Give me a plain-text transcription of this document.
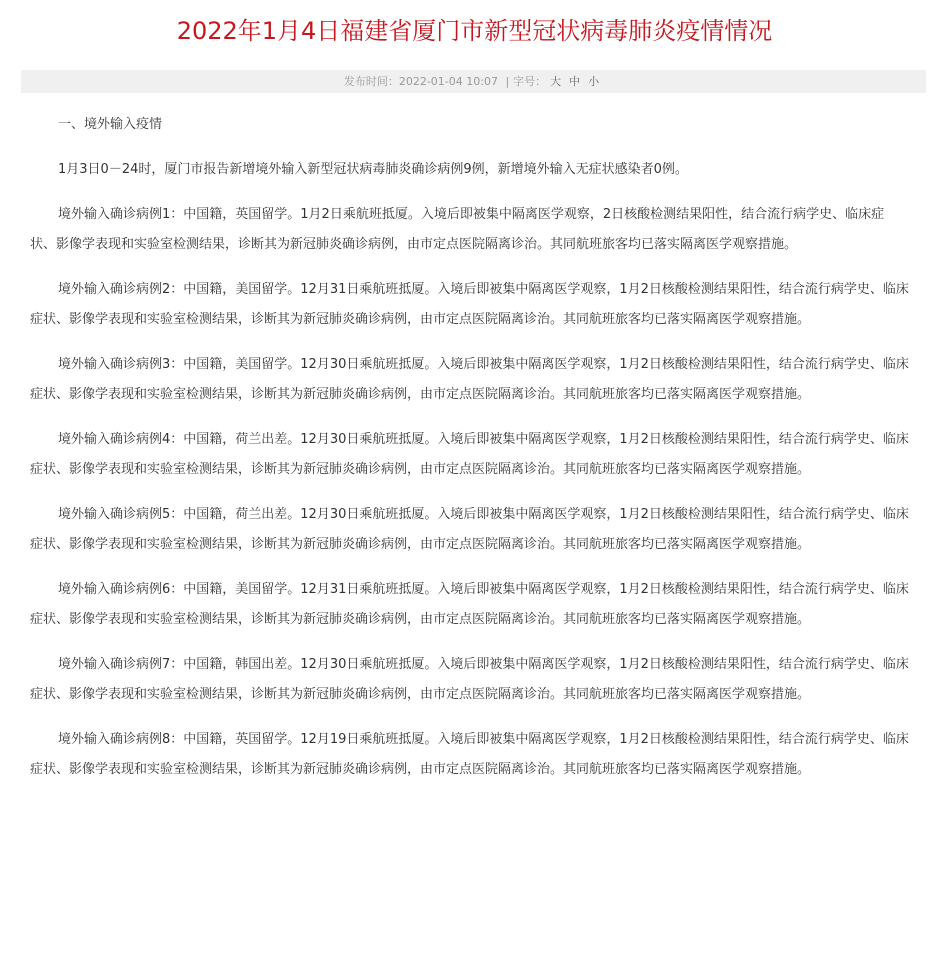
2022年1月4日福建省厦门市新型冠状病毒肺炎疫情情况
发布时间：2022-01-04 10:07 | 字号： 大 中 小

一、境外输入疫情

1月3日0－24时，厦门市报告新增境外输入新型冠状病毒肺炎确诊病例9例，新增境外输入无症状感染者0例。

境外输入确诊病例1：中国籍，英国留学。1月2日乘航班抵厦。入境后即被集中隔离医学观察，2日核酸检测结果阳性，结合流行病学史、临床症状、影像学表现和实验室检测结果，诊断其为新冠肺炎确诊病例，由市定点医院隔离诊治。其同航班旅客均已落实隔离医学观察措施。

境外输入确诊病例2：中国籍，美国留学。12月31日乘航班抵厦。入境后即被集中隔离医学观察，1月2日核酸检测结果阳性，结合流行病学史、临床症状、影像学表现和实验室检测结果，诊断其为新冠肺炎确诊病例，由市定点医院隔离诊治。其同航班旅客均已落实隔离医学观察措施。

境外输入确诊病例3：中国籍，美国留学。12月30日乘航班抵厦。入境后即被集中隔离医学观察，1月2日核酸检测结果阳性，结合流行病学史、临床症状、影像学表现和实验室检测结果，诊断其为新冠肺炎确诊病例，由市定点医院隔离诊治。其同航班旅客均已落实隔离医学观察措施。

境外输入确诊病例4：中国籍，荷兰出差。12月30日乘航班抵厦。入境后即被集中隔离医学观察，1月2日核酸检测结果阳性，结合流行病学史、临床症状、影像学表现和实验室检测结果，诊断其为新冠肺炎确诊病例，由市定点医院隔离诊治。其同航班旅客均已落实隔离医学观察措施。

境外输入确诊病例5：中国籍，荷兰出差。12月30日乘航班抵厦。入境后即被集中隔离医学观察，1月2日核酸检测结果阳性，结合流行病学史、临床症状、影像学表现和实验室检测结果，诊断其为新冠肺炎确诊病例，由市定点医院隔离诊治。其同航班旅客均已落实隔离医学观察措施。

境外输入确诊病例6：中国籍，美国留学。12月31日乘航班抵厦。入境后即被集中隔离医学观察，1月2日核酸检测结果阳性，结合流行病学史、临床症状、影像学表现和实验室检测结果，诊断其为新冠肺炎确诊病例，由市定点医院隔离诊治。其同航班旅客均已落实隔离医学观察措施。

境外输入确诊病例7：中国籍，韩国出差。12月30日乘航班抵厦。入境后即被集中隔离医学观察，1月2日核酸检测结果阳性，结合流行病学史、临床症状、影像学表现和实验室检测结果，诊断其为新冠肺炎确诊病例，由市定点医院隔离诊治。其同航班旅客均已落实隔离医学观察措施。

境外输入确诊病例8：中国籍，英国留学。12月19日乘航班抵厦。入境后即被集中隔离医学观察，1月2日核酸检测结果阳性，结合流行病学史、临床症状、影像学表现和实验室检测结果，诊断其为新冠肺炎确诊病例，由市定点医院隔离诊治。其同航班旅客均已落实隔离医学观察措施。
